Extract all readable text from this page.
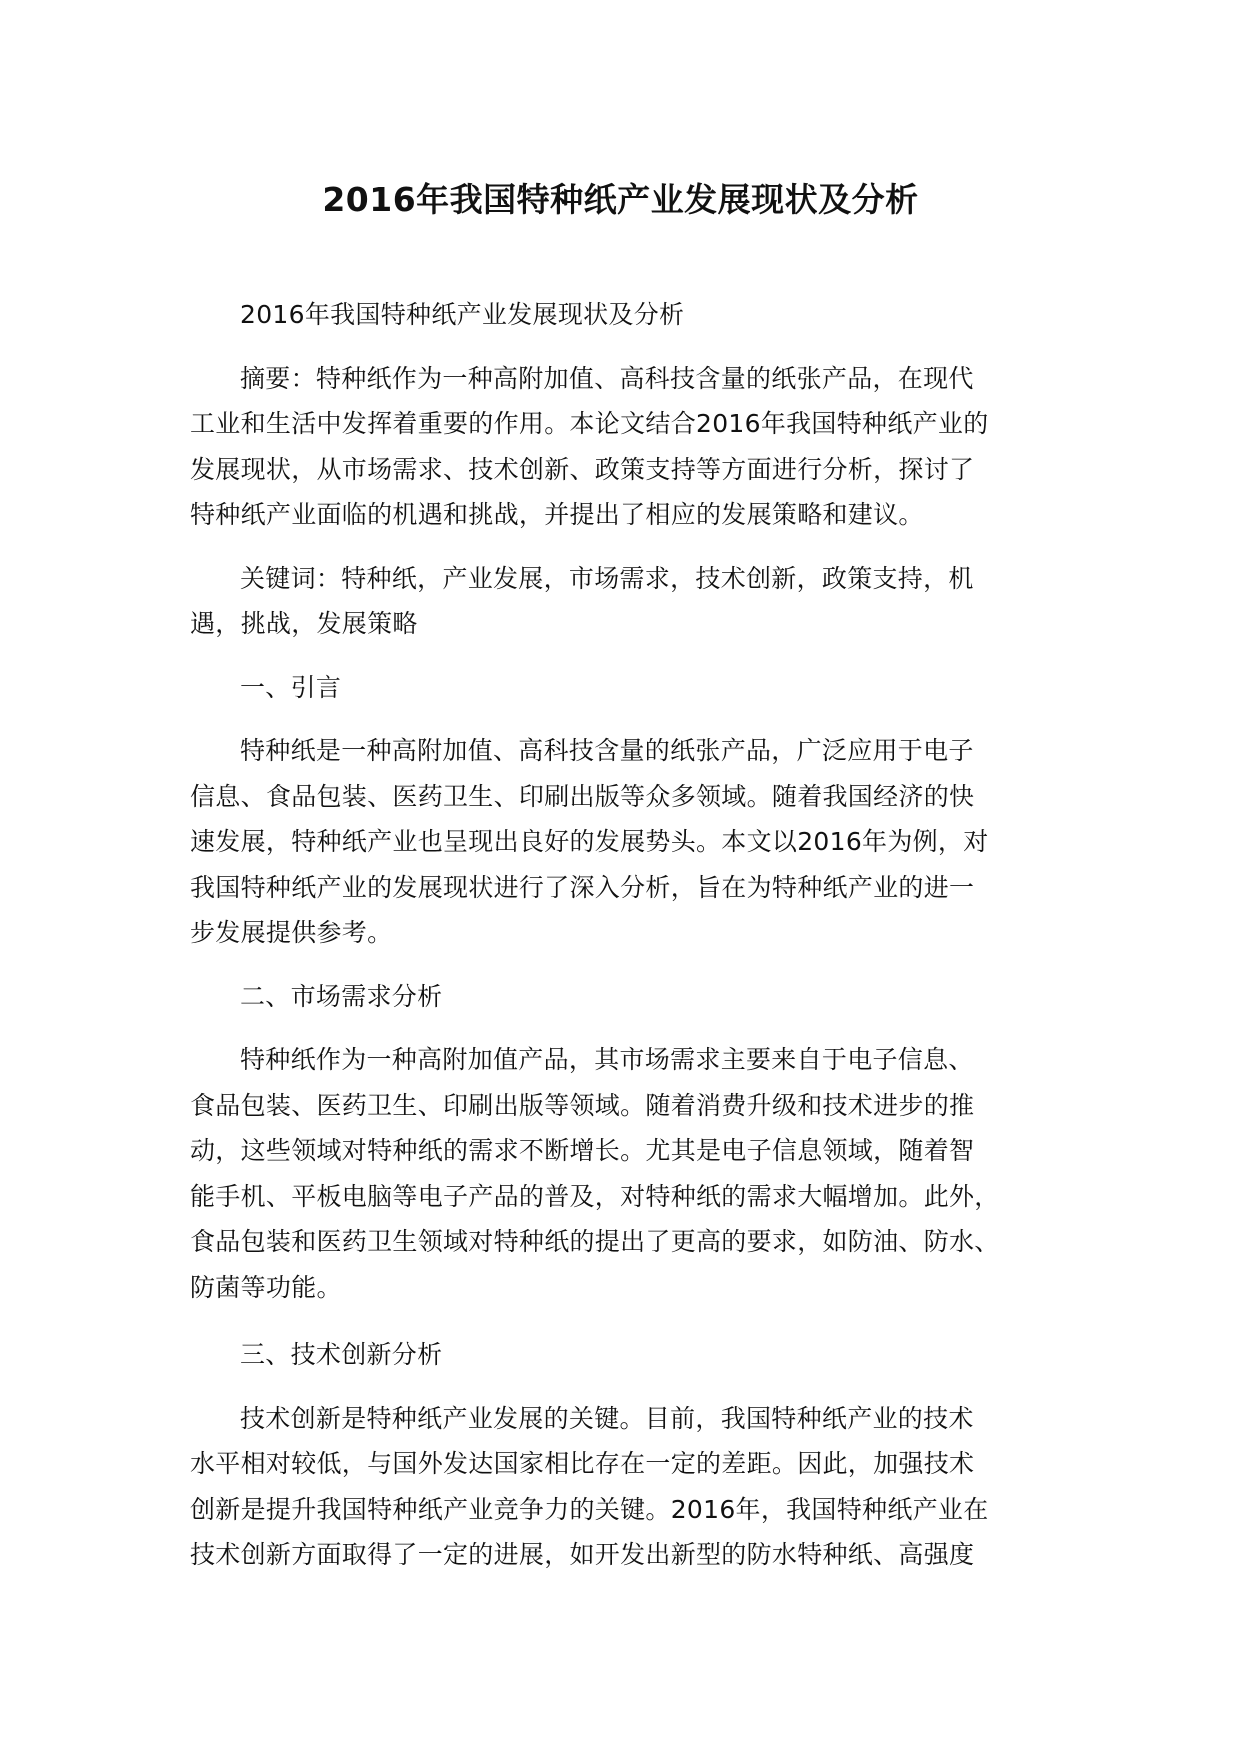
2016年我国特种纸产业发展现状及分析

2016年我国特种纸产业发展现状及分析

摘要：特种纸作为一种高附加值、高科技含量的纸张产品，在现代
工业和生活中发挥着重要的作用。本论文结合2016年我国特种纸产业的
发展现状，从市场需求、技术创新、政策支持等方面进行分析，探讨了
特种纸产业面临的机遇和挑战，并提出了相应的发展策略和建议。

关键词：特种纸，产业发展，市场需求，技术创新，政策支持，机
遇，挑战，发展策略

一、引言

特种纸是一种高附加值、高科技含量的纸张产品，广泛应用于电子
信息、食品包装、医药卫生、印刷出版等众多领域。随着我国经济的快
速发展，特种纸产业也呈现出良好的发展势头。本文以2016年为例，对
我国特种纸产业的发展现状进行了深入分析，旨在为特种纸产业的进一
步发展提供参考。

二、市场需求分析

特种纸作为一种高附加值产品，其市场需求主要来自于电子信息、
食品包装、医药卫生、印刷出版等领域。随着消费升级和技术进步的推
动，这些领域对特种纸的需求不断增长。尤其是电子信息领域，随着智
能手机、平板电脑等电子产品的普及，对特种纸的需求大幅增加。此外，
食品包装和医药卫生领域对特种纸的提出了更高的要求，如防油、防水、
防菌等功能。

三、技术创新分析

技术创新是特种纸产业发展的关键。目前，我国特种纸产业的技术
水平相对较低，与国外发达国家相比存在一定的差距。因此，加强技术
创新是提升我国特种纸产业竞争力的关键。2016年，我国特种纸产业在
技术创新方面取得了一定的进展，如开发出新型的防水特种纸、高强度
